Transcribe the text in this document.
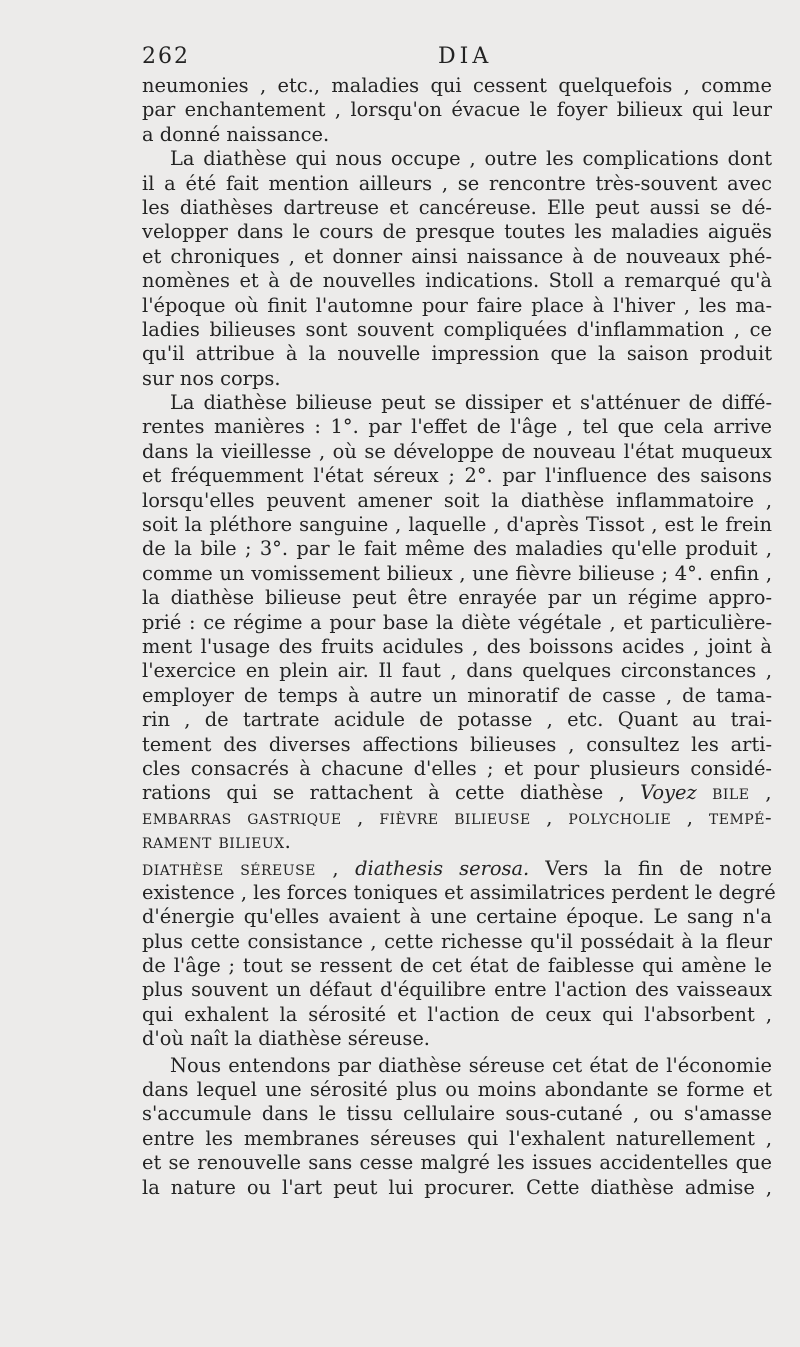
262	DIA
neumonies , etc., maladies qui cessent quelquefois , comme
par enchantement , lorsqu'on évacue le foyer bilieux qui leur
a donné naissance.
La diathèse qui nous occupe , outre les complications dont
il a été fait mention ailleurs , se rencontre très-souvent avec
les diathèses dartreuse et cancéreuse. Elle peut aussi se dé-
velopper dans le cours de presque toutes les maladies aiguës
et chroniques , et donner ainsi naissance à de nouveaux phé-
nomènes et à de nouvelles indications. Stoll a remarqué qu'à
l'époque où finit l'automne pour faire place à l'hiver , les ma-
ladies bilieuses sont souvent compliquées d'inflammation , ce
qu'il attribue à la nouvelle impression que la saison produit
sur nos corps.
La diathèse bilieuse peut se dissiper et s'atténuer de diffé-
rentes manières : 1°. par l'effet de l'âge , tel que cela arrive
dans la vieillesse , où se développe de nouveau l'état muqueux
et fréquemment l'état séreux ; 2°. par l'influence des saisons
lorsqu'elles peuvent amener soit la diathèse inflammatoire ,
soit la pléthore sanguine , laquelle , d'après Tissot , est le frein
de la bile ; 3°. par le fait même des maladies qu'elle produit ,
comme un vomissement bilieux , une fièvre bilieuse ; 4°. enfin ,
la diathèse bilieuse peut être enrayée par un régime appro-
prié : ce régime a pour base la diète végétale , et particulière-
ment l'usage des fruits acidules , des boissons acides , joint à
l'exercice en plein air. Il faut , dans quelques circonstances ,
employer de temps à autre un minoratif de casse , de tama-
rin , de tartrate acidule de potasse , etc. Quant au trai-
tement des diverses affections bilieuses , consultez les arti-
cles consacrés à chacune d'elles ; et pour plusieurs considé-
rations qui se rattachent à cette diathèse , Voyez bile ,
embarras gastrique , fièvre bilieuse , polycholie , tempé-
rament bilieux.
diathèse séreuse , diathesis serosa. Vers la fin de notre
existence , les forces toniques et assimilatrices perdent le degré
d'énergie qu'elles avaient à une certaine époque. Le sang n'a
plus cette consistance , cette richesse qu'il possédait à la fleur
de l'âge ; tout se ressent de cet état de faiblesse qui amène le
plus souvent un défaut d'équilibre entre l'action des vaisseaux
qui exhalent la sérosité et l'action de ceux qui l'absorbent ,
d'où naît la diathèse séreuse.
Nous entendons par diathèse séreuse cet état de l'économie
dans lequel une sérosité plus ou moins abondante se forme et
s'accumule dans le tissu cellulaire sous-cutané , ou s'amasse
entre les membranes séreuses qui l'exhalent naturellement ,
et se renouvelle sans cesse malgré les issues accidentelles que
la nature ou l'art peut lui procurer. Cette diathèse admise ,
